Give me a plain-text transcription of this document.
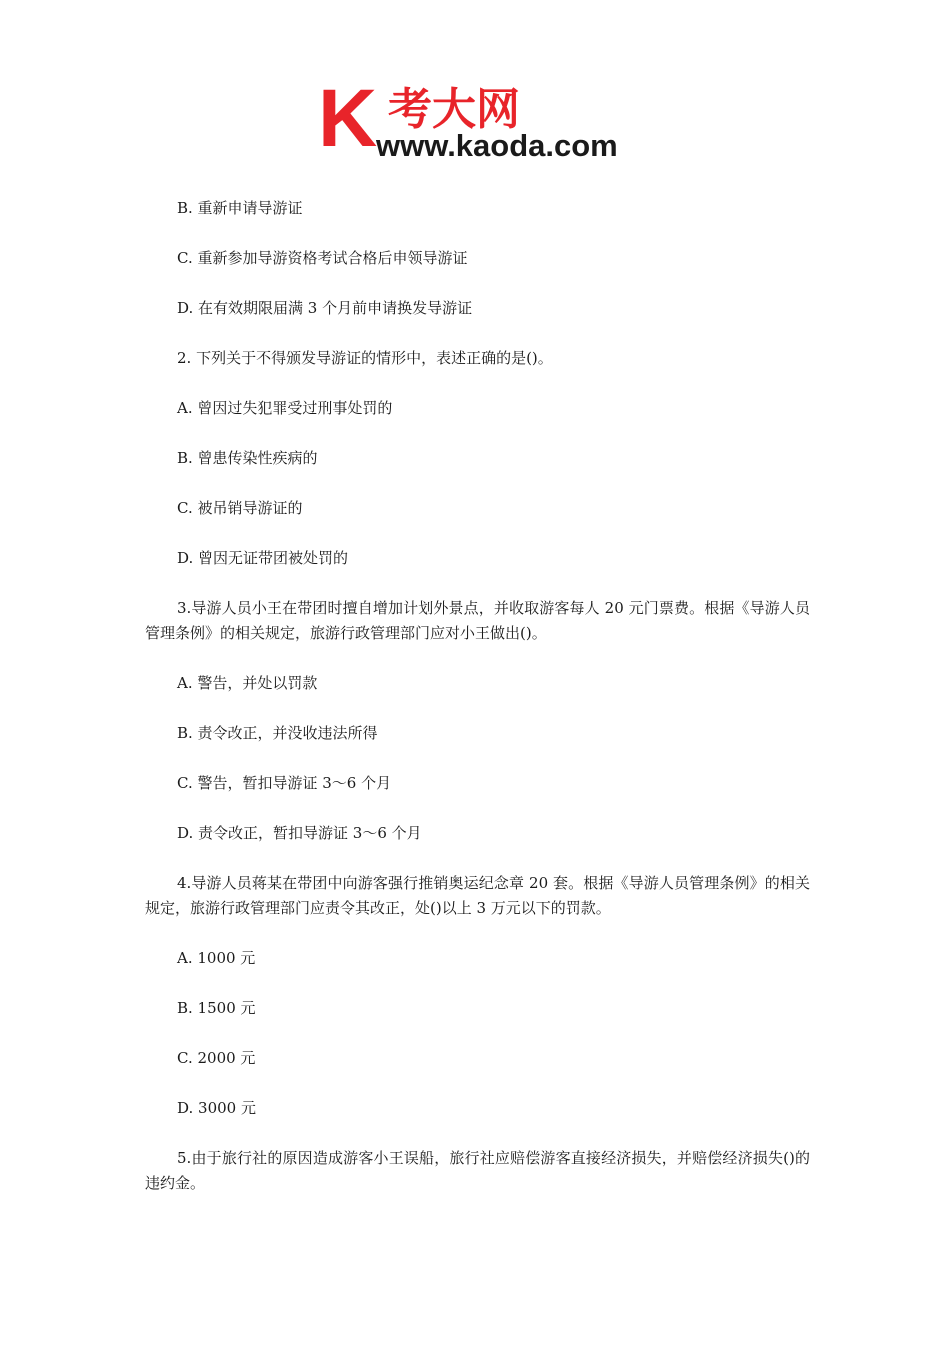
K 考大网
www.kaoda.com
B. 重新申请导游证
C. 重新参加导游资格考试合格后申领导游证
D. 在有效期限届满 3 个月前申请换发导游证
2. 下列关于不得颁发导游证的情形中，表述正确的是()。
A. 曾因过失犯罪受过刑事处罚的
B. 曾患传染性疾病的
C. 被吊销导游证的
D. 曾因无证带团被处罚的
3.导游人员小王在带团时擅自增加计划外景点，并收取游客每人 20 元门票费。根据《导游人员管理条例》的相关规定，旅游行政管理部门应对小王做出()。
A. 警告，并处以罚款
B. 责令改正，并没收违法所得
C. 警告，暂扣导游证 3～6 个月
D. 责令改正，暂扣导游证 3～6 个月
4.导游人员蒋某在带团中向游客强行推销奥运纪念章 20 套。根据《导游人员管理条例》的相关规定，旅游行政管理部门应责令其改正，处()以上 3 万元以下的罚款。
A. 1000 元
B. 1500 元
C. 2000 元
D. 3000 元
5.由于旅行社的原因造成游客小王误船，旅行社应赔偿游客直接经济损失，并赔偿经济损失()的违约金。
